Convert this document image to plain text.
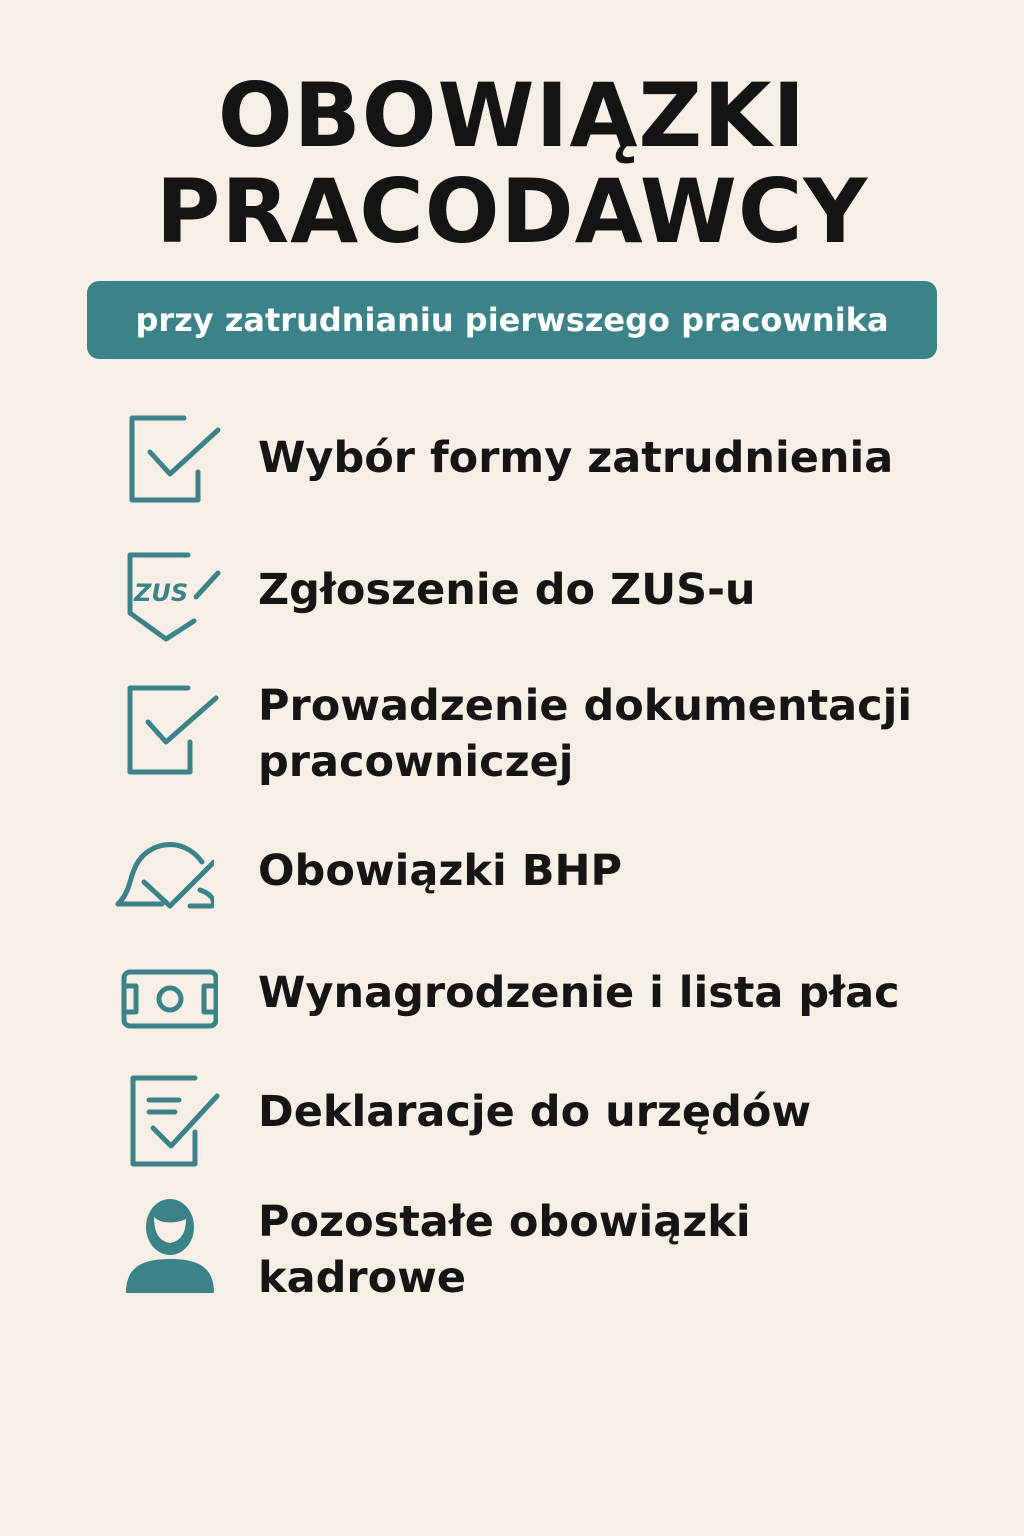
OBOWIĄZKI
PRACODAWCY
przy zatrudnianiu pierwszego pracownika

Wybór formy zatrudnienia

ZUS Zgłoszenie do ZUS-u

Prowadzenie dokumentacji
pracowniczej

Obowiązki BHP

Wynagrodzenie i lista płac

Deklaracje do urzędów

Pozostałe obowiązki
kadrowe
